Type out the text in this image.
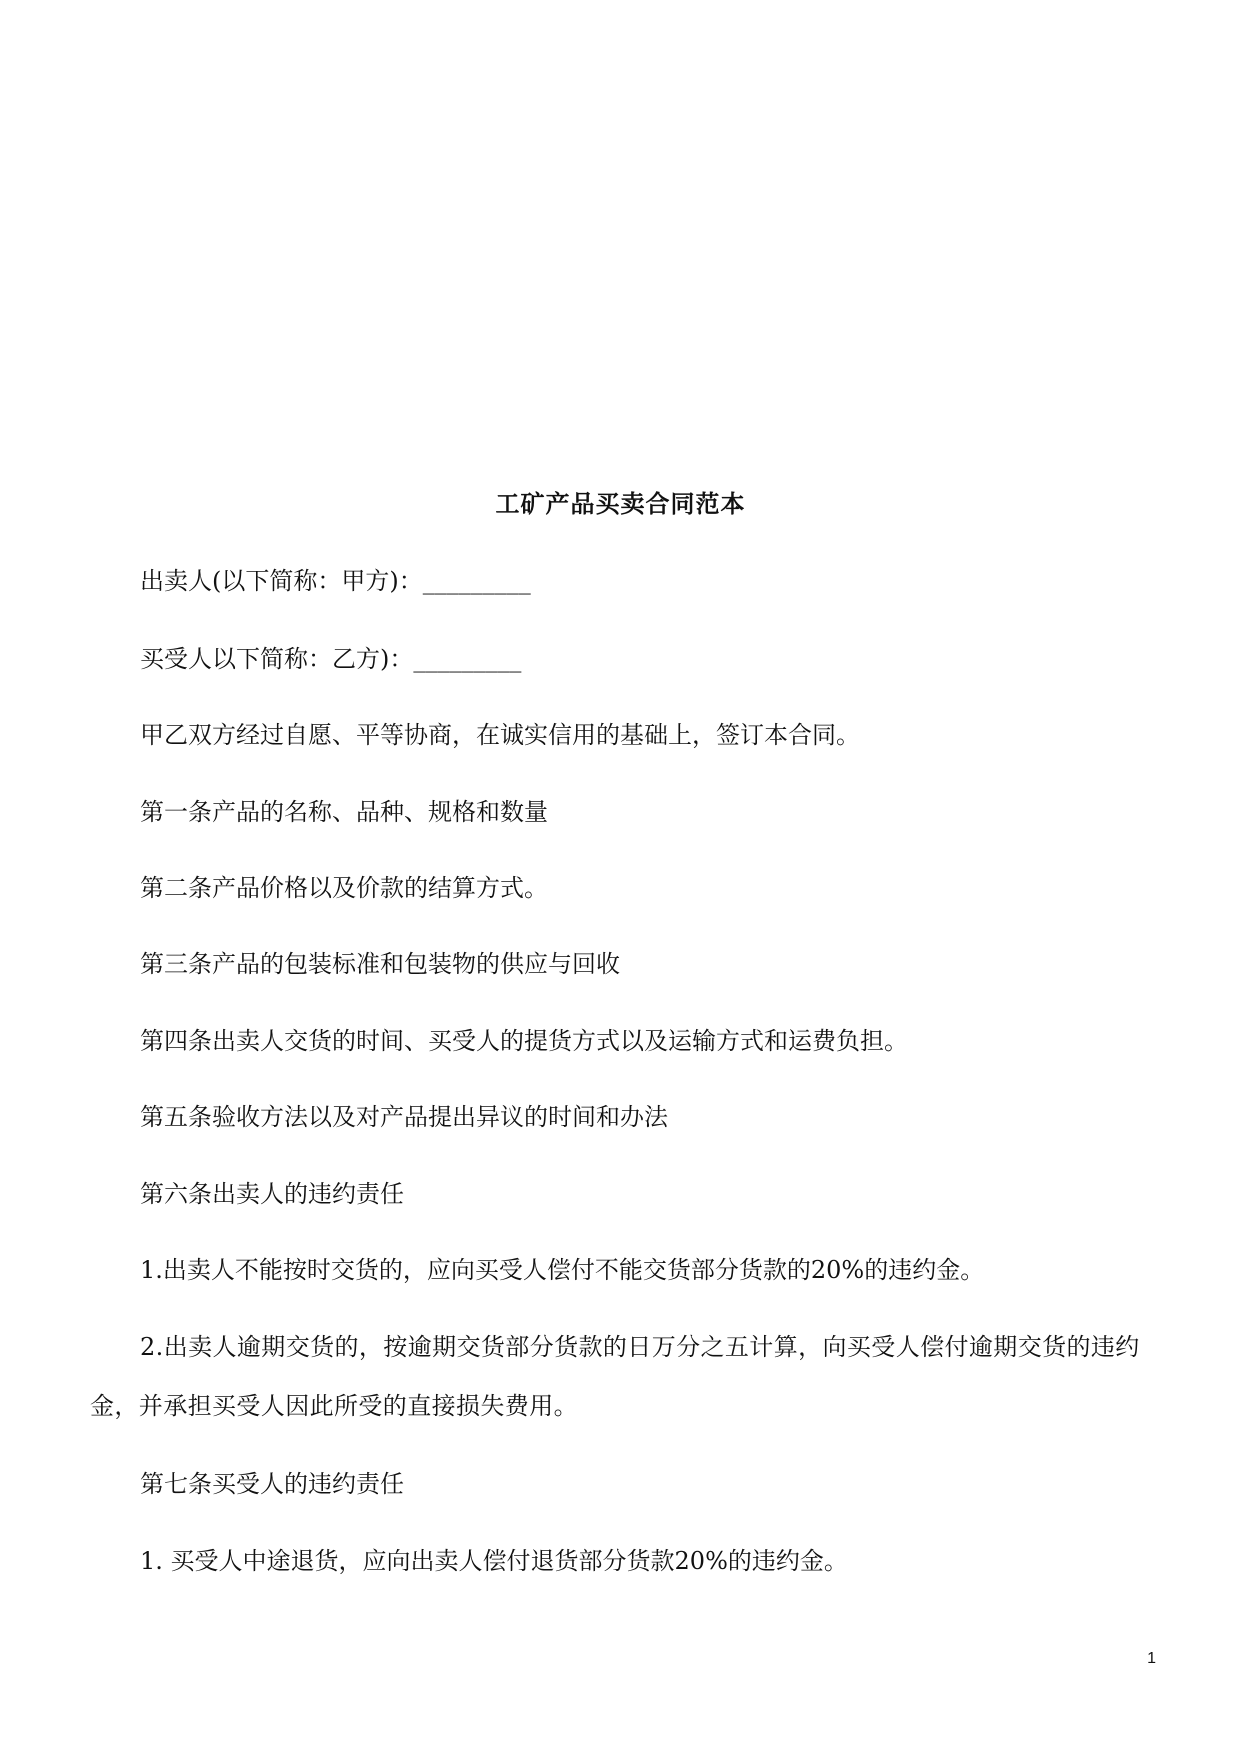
工矿产品买卖合同范本
出卖人(以下简称：甲方)：_________
买受人以下简称：乙方)：_________
甲乙双方经过自愿、平等协商，在诚实信用的基础上，签订本合同。
第一条产品的名称、品种、规格和数量
第二条产品价格以及价款的结算方式。
第三条产品的包装标准和包装物的供应与回收
第四条出卖人交货的时间、买受人的提货方式以及运输方式和运费负担。
第五条验收方法以及对产品提出异议的时间和办法
第六条出卖人的违约责任
1.出卖人不能按时交货的，应向买受人偿付不能交货部分货款的20%的违约金。
2.出卖人逾期交货的，按逾期交货部分货款的日万分之五计算，向买受人偿付逾期交货的违约金，并承担买受人因此所受的直接损失费用。
第七条买受人的违约责任
1. 买受人中途退货，应向出卖人偿付退货部分货款20%的违约金。
1
